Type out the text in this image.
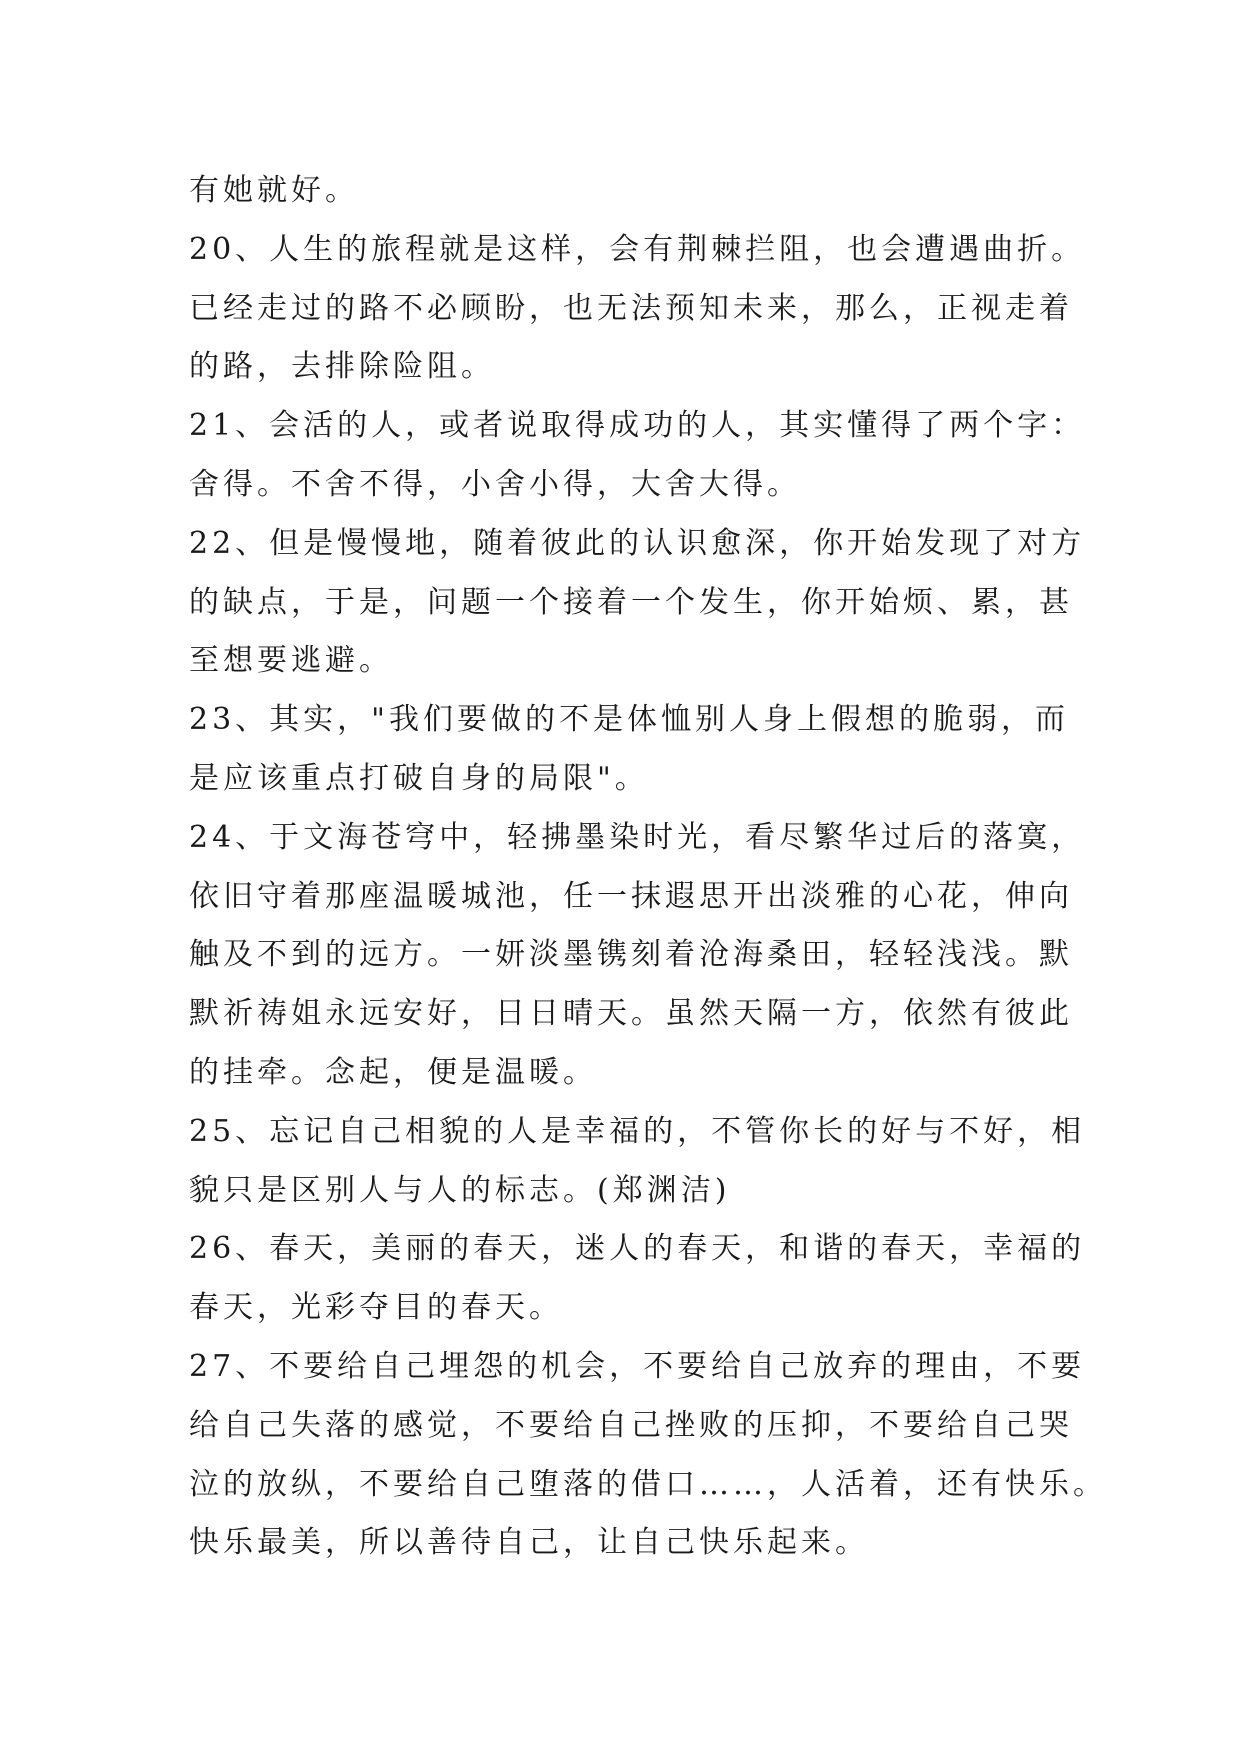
有她就好。
20、人生的旅程就是这样，会有荆棘拦阻，也会遭遇曲折。
已经走过的路不必顾盼，也无法预知未来，那么，正视走着
的路，去排除险阻。
21、会活的人，或者说取得成功的人，其实懂得了两个字：
舍得。不舍不得，小舍小得，大舍大得。
22、但是慢慢地，随着彼此的认识愈深，你开始发现了对方
的缺点，于是，问题一个接着一个发生，你开始烦、累，甚
至想要逃避。
23、其实，"我们要做的不是体恤别人身上假想的脆弱，而
是应该重点打破自身的局限"。
24、于文海苍穹中，轻拂墨染时光，看尽繁华过后的落寞，
依旧守着那座温暖城池，任一抹遐思开出淡雅的心花，伸向
触及不到的远方。一妍淡墨镌刻着沧海桑田，轻轻浅浅。默
默祈祷姐永远安好，日日晴天。虽然天隔一方，依然有彼此
的挂牵。念起，便是温暖。
25、忘记自己相貌的人是幸福的，不管你长的好与不好，相
貌只是区别人与人的标志。(郑渊洁)
26、春天，美丽的春天，迷人的春天，和谐的春天，幸福的
春天，光彩夺目的春天。
27、不要给自己埋怨的机会，不要给自己放弃的理由，不要
给自己失落的感觉，不要给自己挫败的压抑，不要给自己哭
泣的放纵，不要给自己堕落的借口……，人活着，还有快乐。
快乐最美，所以善待自己，让自己快乐起来。
